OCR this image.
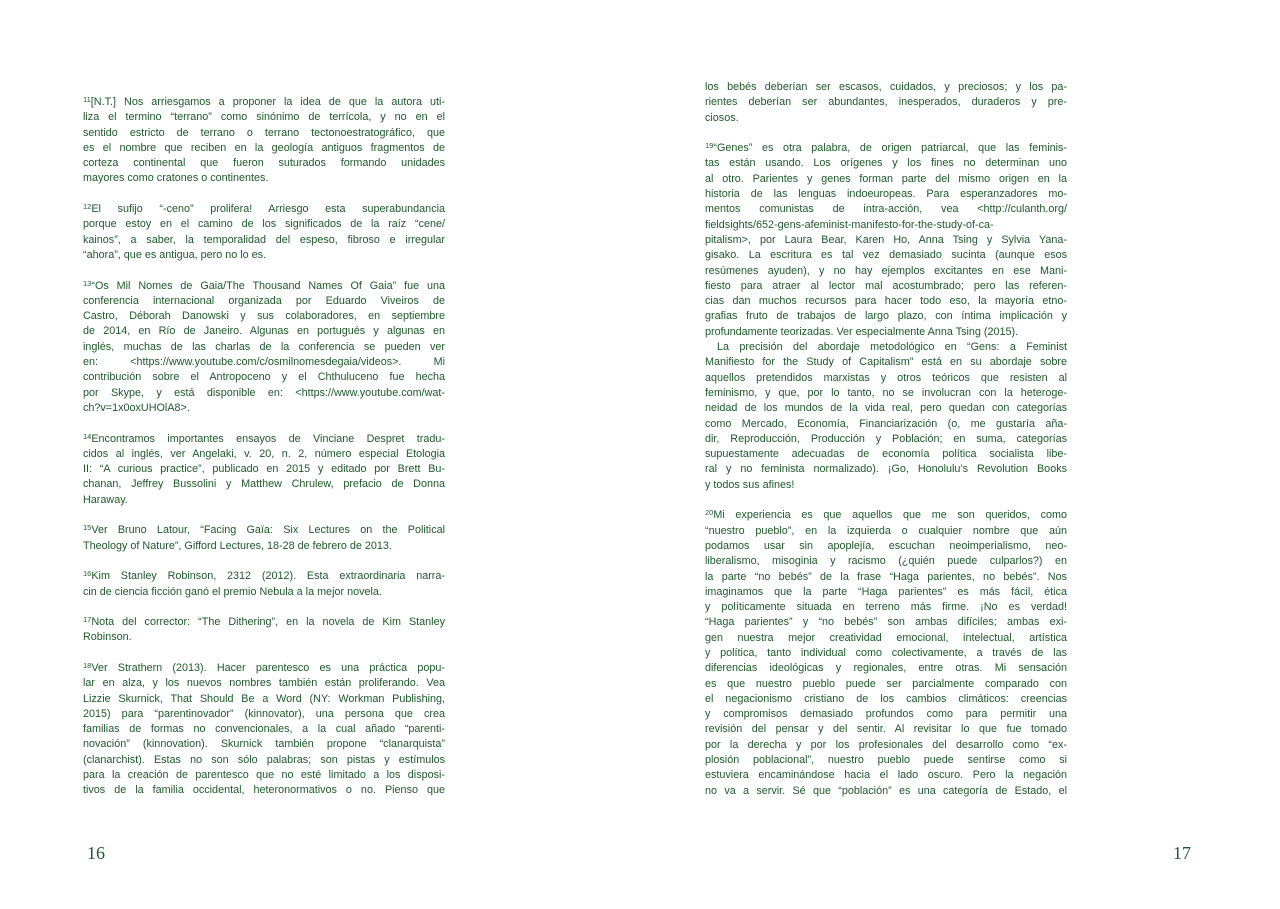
$^{11}$[N.T.] Nos arriesgamos a proponer la idea de que la autora uti-
liza el termino “terrano” como sinónimo de terrícola, y no en el
sentido estricto de terrano o terrano tectonoestratográfico, que
es el nombre que reciben en la geología antiguos fragmentos de
corteza continental que fueron suturados formando unidades
mayores como cratones o continentes.
$^{12}$El sufijo “-ceno” prolifera! Arriesgo esta superabundancia
porque estoy en el camino de los significados de la raíz “cene/
kainos”, a saber, la temporalidad del espeso, fibroso e irregular
“ahora”, que es antigua, pero no lo es.
$^{13}$“Os Mil Nomes de Gaia/The Thousand Names Of Gaia” fue una
conferencia internacional organizada por Eduardo Viveiros de
Castro, Déborah Danowski y sus colaboradores, en septiembre
de 2014, en Río de Janeiro. Algunas en portugués y algunas en
inglés, muchas de las charlas de la conferencia se pueden ver
en: <https://www.youtube.com/c/osmilnomesdegaia/videos>. Mi
contribución sobre el Antropoceno y el Chthuluceno fue hecha
por Skype, y está disponible en: <https://www.youtube.com/wat-
ch?v=1x0oxUHOlA8>.
$^{14}$Encontramos importantes ensayos de Vinciane Despret tradu-
cidos al inglés, ver Angelaki, v. 20, n. 2, número especial Etologia
II: “A curious practice”, publicado en 2015 y editado por Brett Bu-
chanan, Jeffrey Bussolini y Matthew Chrulew, prefacio de Donna
Haraway.
$^{15}$Ver Bruno Latour, “Facing Gaïa: Six Lectures on the Political
Theology of Nature”, Gifford Lectures, 18-28 de febrero de 2013.
$^{16}$Kim Stanley Robinson, 2312 (2012). Esta extraordinaria narra-
cin de ciencia ficción ganó el premio Nebula a la mejor novela.
$^{17}$Nota del corrector: “The Dithering”, en la novela de Kim Stanley
Robinson.
$^{18}$Ver Strathern (2013). Hacer parentesco es una práctica popu-
lar en alza, y los nuevos nombres también están proliferando. Vea
Lizzie Skurnick, That Should Be a Word (NY: Workman Publishing,
2015) para “parentinovador” (kinnovator), una persona que crea
familias de formas no convencionales, a la cual añado “parenti-
novación” (kinnovation). Skurnick también propone “clanarquista”
(clanarchist). Estas no son sólo palabras; son pistas y estímulos
para la creación de parentesco que no esté limitado a los disposi-
tivos de la familia occidental, heteronormativos o no. Pienso que
los bebés deberían ser escasos, cuidados, y preciosos; y los pa-
rientes deberían ser abundantes, inesperados, duraderos y pre-
ciosos.
$^{19}$“Genes” es otra palabra, de origen patriarcal, que las feminis-
tas están usando. Los orígenes y los fines no determinan uno
al otro. Parientes y genes forman parte del mismo origen en la
historia de las lenguas indoeuropeas. Para esperanzadores mo-
mentos comunistas de intra-acción, vea <http://culanth.org/
fieldsights/652-gens-afeminist-manifesto-for-the-study-of-ca-
pitalism>, por Laura Bear, Karen Ho, Anna Tsing y Sylvia Yana-
gisako. La escritura es tal vez demasiado sucinta (aunque esos
resúmenes ayuden), y no hay ejemplos excitantes en ese Mani-
fiesto para atraer al lector mal acostumbrado; pero las referen-
cias dan muchos recursos para hacer todo eso, la mayoría etno-
grafias fruto de trabajos de largo plazo, con íntima implicación y
profundamente teorizadas. Ver especialmente Anna Tsing (2015).
La precisión del abordaje metodológico en “Gens: a Feminist
Manifiesto for the Study of Capitalism” está en su abordaje sobre
aquellos pretendidos marxistas y otros teóricos que resisten al
feminismo, y que, por lo tanto, no se involucran con la heteroge-
neidad de los mundos de la vida real, pero quedan con categorías
como Mercado, Economía, Financiarización (o, me gustaría aña-
dir, Reproducción, Producción y Población; en suma, categorías
supuestamente adecuadas de economía política socialista libe-
ral y no feminista normalizado). ¡Go, Honolulu’s Revolution Books
y todos sus afines!
$^{20}$Mi experiencia es que aquellos que me son queridos, como
“nuestro pueblo”, en la izquierda o cualquier nombre que aún
podamos usar sin apoplejía, escuchan neoimperialismo, neo-
liberalismo, misoginia y racismo (¿quién puede culparlos?) en
la parte “no bebés” de la frase “Haga parientes, no bebés”. Nos
imaginamos que la parte “Haga parientes” es más fácil, ética
y políticamente situada en terreno más firme. ¡No es verdad!
“Haga parientes” y “no bebés” son ambas difíciles; ambas exi-
gen nuestra mejor creatividad emocional, intelectual, artística
y política, tanto individual como colectivamente, a través de las
diferencias ideológicas y regionales, entre otras. Mi sensación
es que nuestro pueblo puede ser parcialmente comparado con
el negacionismo cristiano de los cambios climáticos: creencias
y compromisos demasiado profundos como para permitir una
revisión del pensar y del sentir. Al revisitar lo que fue tomado
por la derecha y por los profesionales del desarrollo como “ex-
plosión poblacional”, nuestro pueblo puede sentirse como si
estuviera encaminándose hacia el lado oscuro. Pero la negación
no va a servir. Sé que “población” es una categoría de Estado, el
16	17
